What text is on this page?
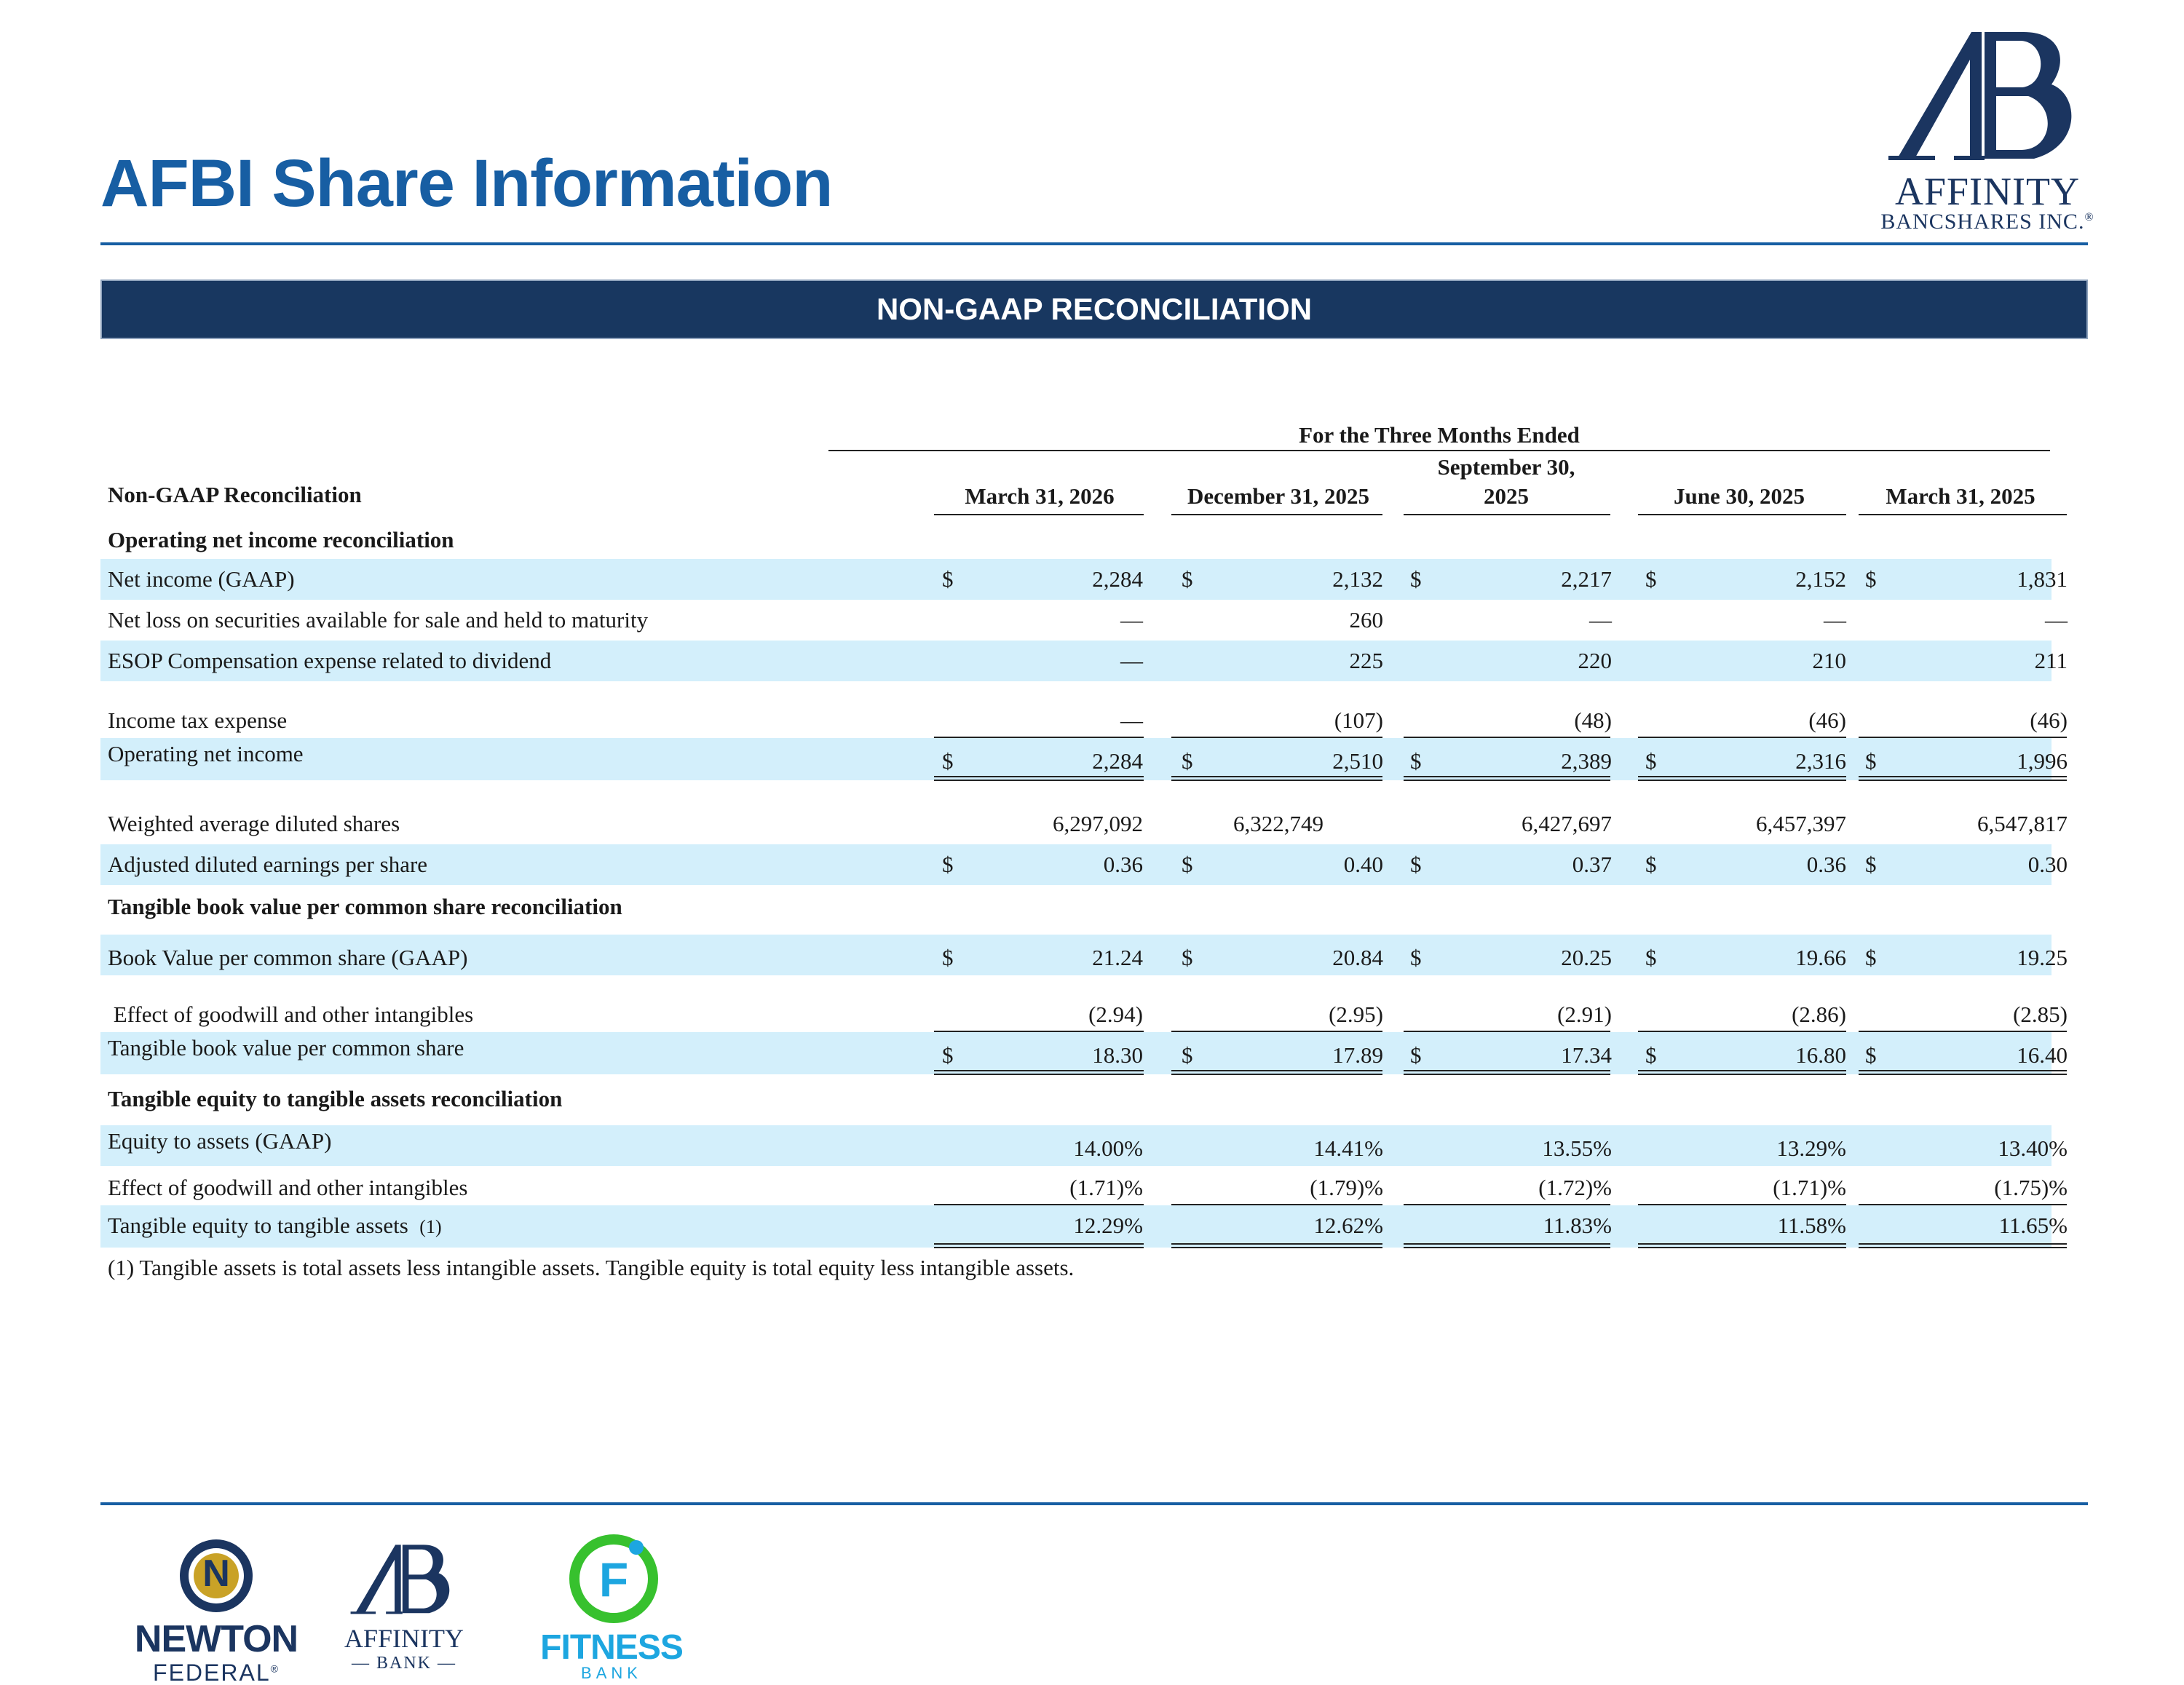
AFBI Share Information	AFFINITY
BANCSHARES INC.®
NON-GAAP RECONCILIATION
For the Three Months Ended
Non-GAAP Reconciliation	March 31, 2026	December 31, 2025
September 30,
2025	June 30, 2025	March 31, 2025
Operating net income reconciliation
Net income (GAAP)	$	2,284 $	2,132 $	2,217 $	2,152 $	1,831
Net loss on securities available for sale and held to maturity	—	260	—	—	—
ESOP Compensation expense related to dividend	—	225	220	210	211
Income tax expense	—	(107)	(48)	(46)	(46)
Operating net income	$	2,284 $	2,510 $	2,389 $	2,316 $	1,996
Weighted average diluted shares	6,297,092	6,322,749	6,427,697	6,457,397	6,547,817
Adjusted diluted earnings per share	$	0.36 $	0.40 $	0.37 $	0.36 $	0.30
Tangible book value per common share reconciliation
Book Value per common share (GAAP)	$	21.24 $	20.84 $	20.25 $	19.66 $	19.25
Effect of goodwill and other intangibles	(2.94)	(2.95)	(2.91)	(2.86)	(2.85)
Tangible book value per common share	$	18.30 $	17.89 $	17.34 $	16.80 $	16.40
Tangible equity to tangible assets reconciliation
Equity to assets (GAAP)	14.00%	14.41%	13.55%	13.29%	13.40%
Effect of goodwill and other intangibles	(1.71)%	(1.79)%	(1.72)%	(1.71)%	(1.75)%
Tangible equity to tangible assets (1)	12.29%	12.62%	11.83%	11.58%	11.65%
(1) Tangible assets is total assets less intangible assets. Tangible equity is total equity less intangible assets.
N
NEWTON
FEDERAL®
AFFINITY
— BANK —
F
FITNESS
BANK
